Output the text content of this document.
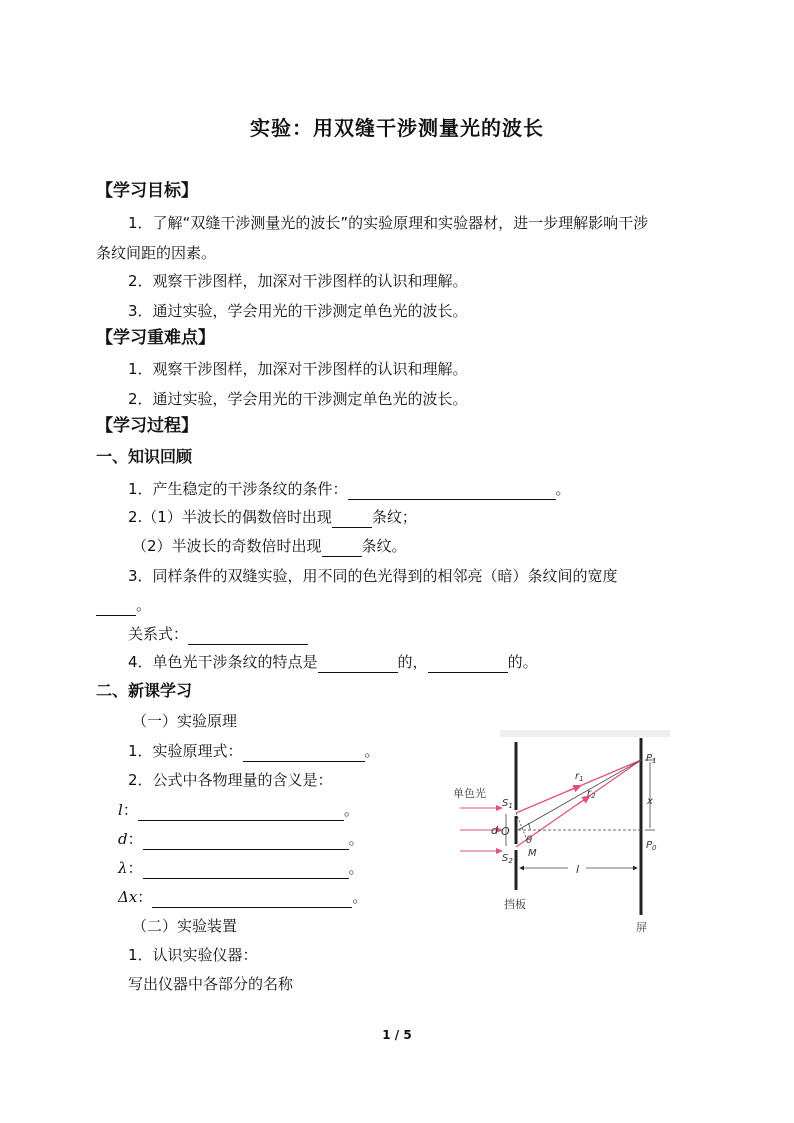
实验：用双缝干涉测量光的波长
【学习目标】
1．了解“双缝干涉测量光的波长”的实验原理和实验器材，进一步理解影响干涉
条纹间距的因素。
2．观察干涉图样，加深对干涉图样的认识和理解。
3．通过实验，学会用光的干涉测定单色光的波长。
【学习重难点】
1．观察干涉图样，加深对干涉图样的认识和理解。
2．通过实验，学会用光的干涉测定单色光的波长。
【学习过程】
一、知识回顾
1．产生稳定的干涉条纹的条件：	。
2.（1）半波长的偶数倍时出现	条纹；
（2）半波长的奇数倍时出现	条纹。
3．同样条件的双缝实验，用不同的色光得到的相邻亮（暗）条纹间的宽度
。
关系式：
4．单色光干涉条纹的特点是	的，	的。
二、新课学习
（一）实验原理
1．实验原理式：	。
2．公式中各物理量的含义是：
l：	。
d：	。
λ：	。
Δx：	。
（二）实验装置
1．认识实验仪器：
写出仪器中各部分的名称
单色光
$S_1$
$S_2$
d O
θ
M
$r_1$
$r_2$
$P_1$
$P_0$
x
l
挡板
屏
1 / 5
